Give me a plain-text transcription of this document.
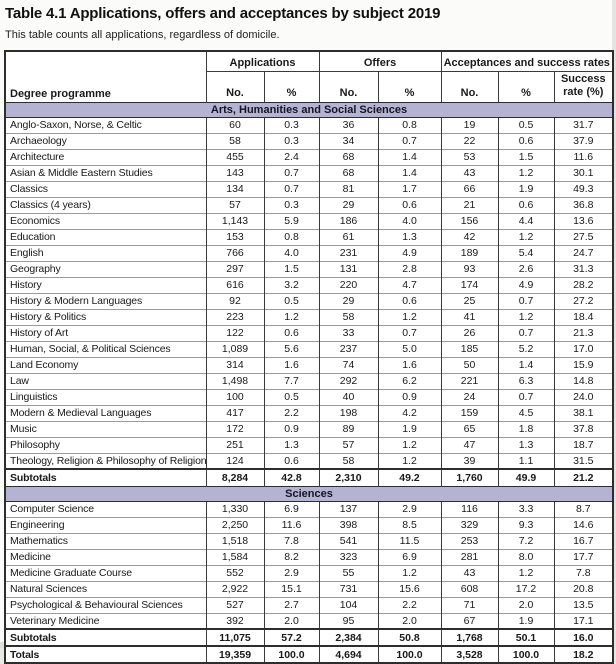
Table 4.1 Applications, offers and acceptances by subject 2019

This table counts all applications, regardless of domicile.

Degree programme	Applications		Offers		Acceptances and success rates		
	No.	%	No.	%	No.	%	Success rate (%)
Arts, Humanities and Social Sciences							
Anglo-Saxon, Norse, & Celtic	60	0.3	36	0.8	19	0.5	31.7
Archaeology	58	0.3	34	0.7	22	0.6	37.9
Architecture	455	2.4	68	1.4	53	1.5	11.6
Asian & Middle Eastern Studies	143	0.7	68	1.4	43	1.2	30.1
Classics	134	0.7	81	1.7	66	1.9	49.3
Classics (4 years)	57	0.3	29	0.6	21	0.6	36.8
Economics	1,143	5.9	186	4.0	156	4.4	13.6
Education	153	0.8	61	1.3	42	1.2	27.5
English	766	4.0	231	4.9	189	5.4	24.7
Geography	297	1.5	131	2.8	93	2.6	31.3
History	616	3.2	220	4.7	174	4.9	28.2
History & Modern Languages	92	0.5	29	0.6	25	0.7	27.2
History & Politics	223	1.2	58	1.2	41	1.2	18.4
History of Art	122	0.6	33	0.7	26	0.7	21.3
Human, Social, & Political Sciences	1,089	5.6	237	5.0	185	5.2	17.0
Land Economy	314	1.6	74	1.6	50	1.4	15.9
Law	1,498	7.7	292	6.2	221	6.3	14.8
Linguistics	100	0.5	40	0.9	24	0.7	24.0
Modern & Medieval Languages	417	2.2	198	4.2	159	4.5	38.1
Music	172	0.9	89	1.9	65	1.8	37.8
Philosophy	251	1.3	57	1.2	47	1.3	18.7
Theology, Religion & Philosophy of Religion	124	0.6	58	1.2	39	1.1	31.5
Subtotals	8,284	42.8	2,310	49.2	1,760	49.9	21.2
Sciences							
Computer Science	1,330	6.9	137	2.9	116	3.3	8.7
Engineering	2,250	11.6	398	8.5	329	9.3	14.6
Mathematics	1,518	7.8	541	11.5	253	7.2	16.7
Medicine	1,584	8.2	323	6.9	281	8.0	17.7
Medicine Graduate Course	552	2.9	55	1.2	43	1.2	7.8
Natural Sciences	2,922	15.1	731	15.6	608	17.2	20.8
Psychological & Behavioural Sciences	527	2.7	104	2.2	71	2.0	13.5
Veterinary Medicine	392	2.0	95	2.0	67	1.9	17.1
Subtotals	11,075	57.2	2,384	50.8	1,768	50.1	16.0
Totals	19,359	100.0	4,694	100.0	3,528	100.0	18.2
